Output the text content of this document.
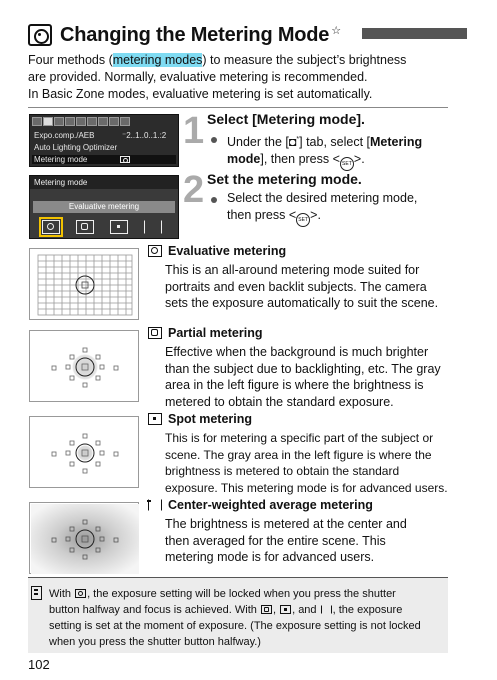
Changing the Metering Mode ☆
Four methods (metering modes) to measure the subject’s brightness
are provided. Normally, evaluative metering is recommended.
In Basic Zone modes, evaluative metering is set automatically.
Expo.comp./AEB	⁻2..1..0..1.:2
Auto Lighting Optimizer
Metering mode
Metering mode
Evaluative metering
1 Select [Metering mode].
Under the [◘*] tab, select [Metering
mode], then press < SET >.
2 Set the metering mode.
Select the desired metering mode,
then press < SET >.
Evaluative metering
This is an all-around metering mode suited for
portraits and even backlit subjects. The camera
sets the exposure automatically to suit the scene.
Partial metering
Effective when the background is much brighter
than the subject due to backlighting, etc. The gray
area in the left figure is where the brightness is
metered to obtain the standard exposure.
Spot metering
This is for metering a specific part of the subject or
scene. The gray area in the left figure is where the
brightness is metered to obtain the standard
exposure. This metering mode is for advanced users.
Center-weighted average metering
The brightness is metered at the center and
then averaged for the entire scene. This
metering mode is for advanced users.
With
, the exposure setting will be locked when you press the shutter
button halfway and focus is achieved. With
,
, and , the exposure
setting is set at the moment of exposure. (The exposure setting is not locked
when you press the shutter button halfway.)
102
